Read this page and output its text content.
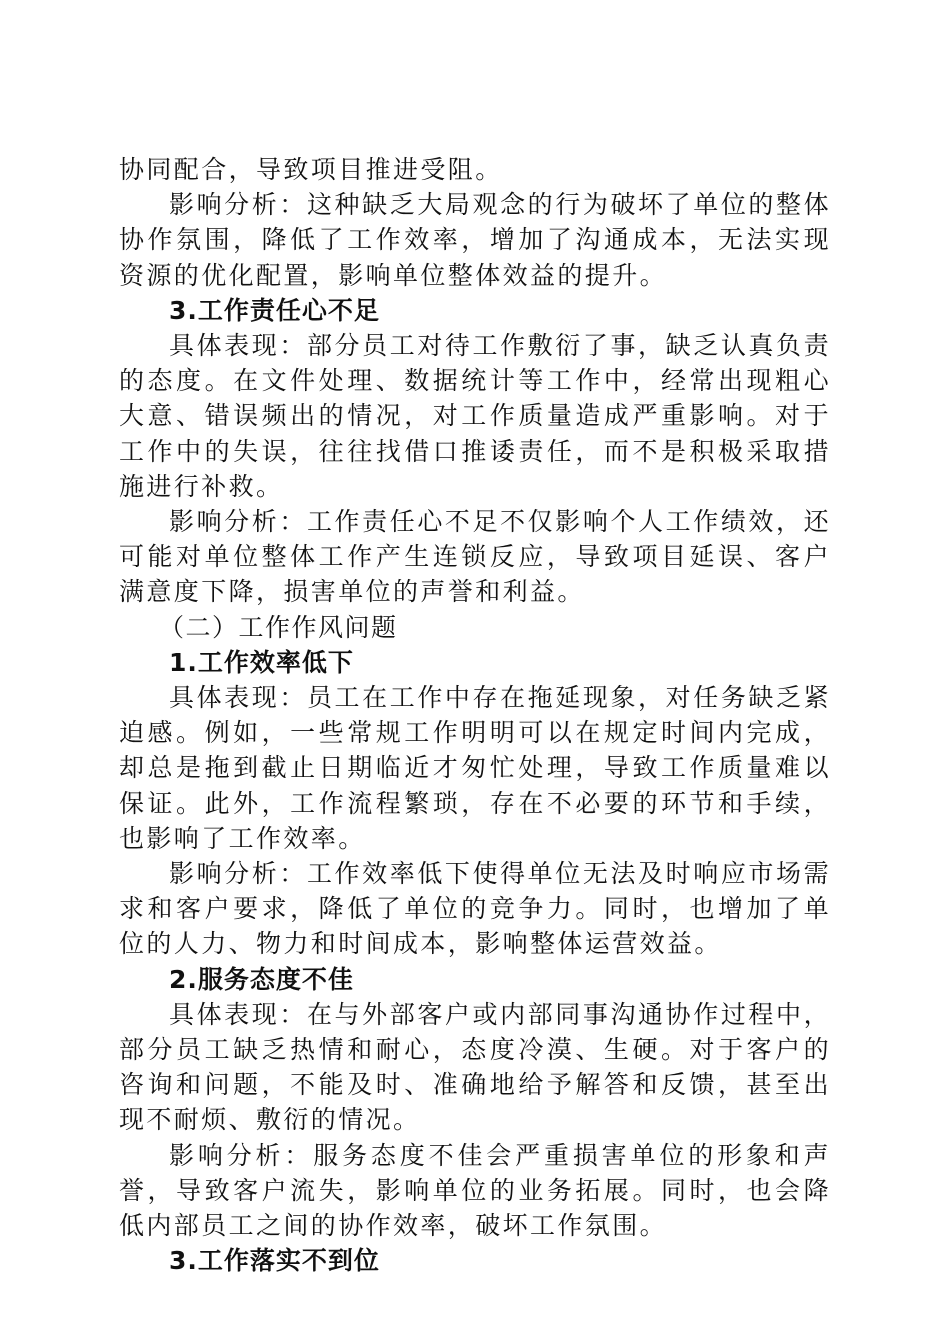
协同配合，导致项目推进受阻。

影响分析：这种缺乏大局观念的行为破坏了单位的整体协作氛围，降低了工作效率，增加了沟通成本，无法实现资源的优化配置，影响单位整体效益的提升。

3.工作责任心不足

具体表现：部分员工对待工作敷衍了事，缺乏认真负责的态度。在文件处理、数据统计等工作中，经常出现粗心大意、错误频出的情况，对工作质量造成严重影响。对于工作中的失误，往往找借口推诿责任，而不是积极采取措施进行补救。

影响分析：工作责任心不足不仅影响个人工作绩效，还可能对单位整体工作产生连锁反应，导致项目延误、客户满意度下降，损害单位的声誉和利益。

（二）工作作风问题

1.工作效率低下

具体表现：员工在工作中存在拖延现象，对任务缺乏紧迫感。例如，一些常规工作明明可以在规定时间内完成，却总是拖到截止日期临近才匆忙处理，导致工作质量难以保证。此外，工作流程繁琐，存在不必要的环节和手续，也影响了工作效率。

影响分析：工作效率低下使得单位无法及时响应市场需求和客户要求，降低了单位的竞争力。同时，也增加了单位的人力、物力和时间成本，影响整体运营效益。

2.服务态度不佳

具体表现：在与外部客户或内部同事沟通协作过程中，部分员工缺乏热情和耐心，态度冷漠、生硬。对于客户的咨询和问题，不能及时、准确地给予解答和反馈，甚至出现不耐烦、敷衍的情况。

影响分析：服务态度不佳会严重损害单位的形象和声誉，导致客户流失，影响单位的业务拓展。同时，也会降低内部员工之间的协作效率，破坏工作氛围。

3.工作落实不到位
